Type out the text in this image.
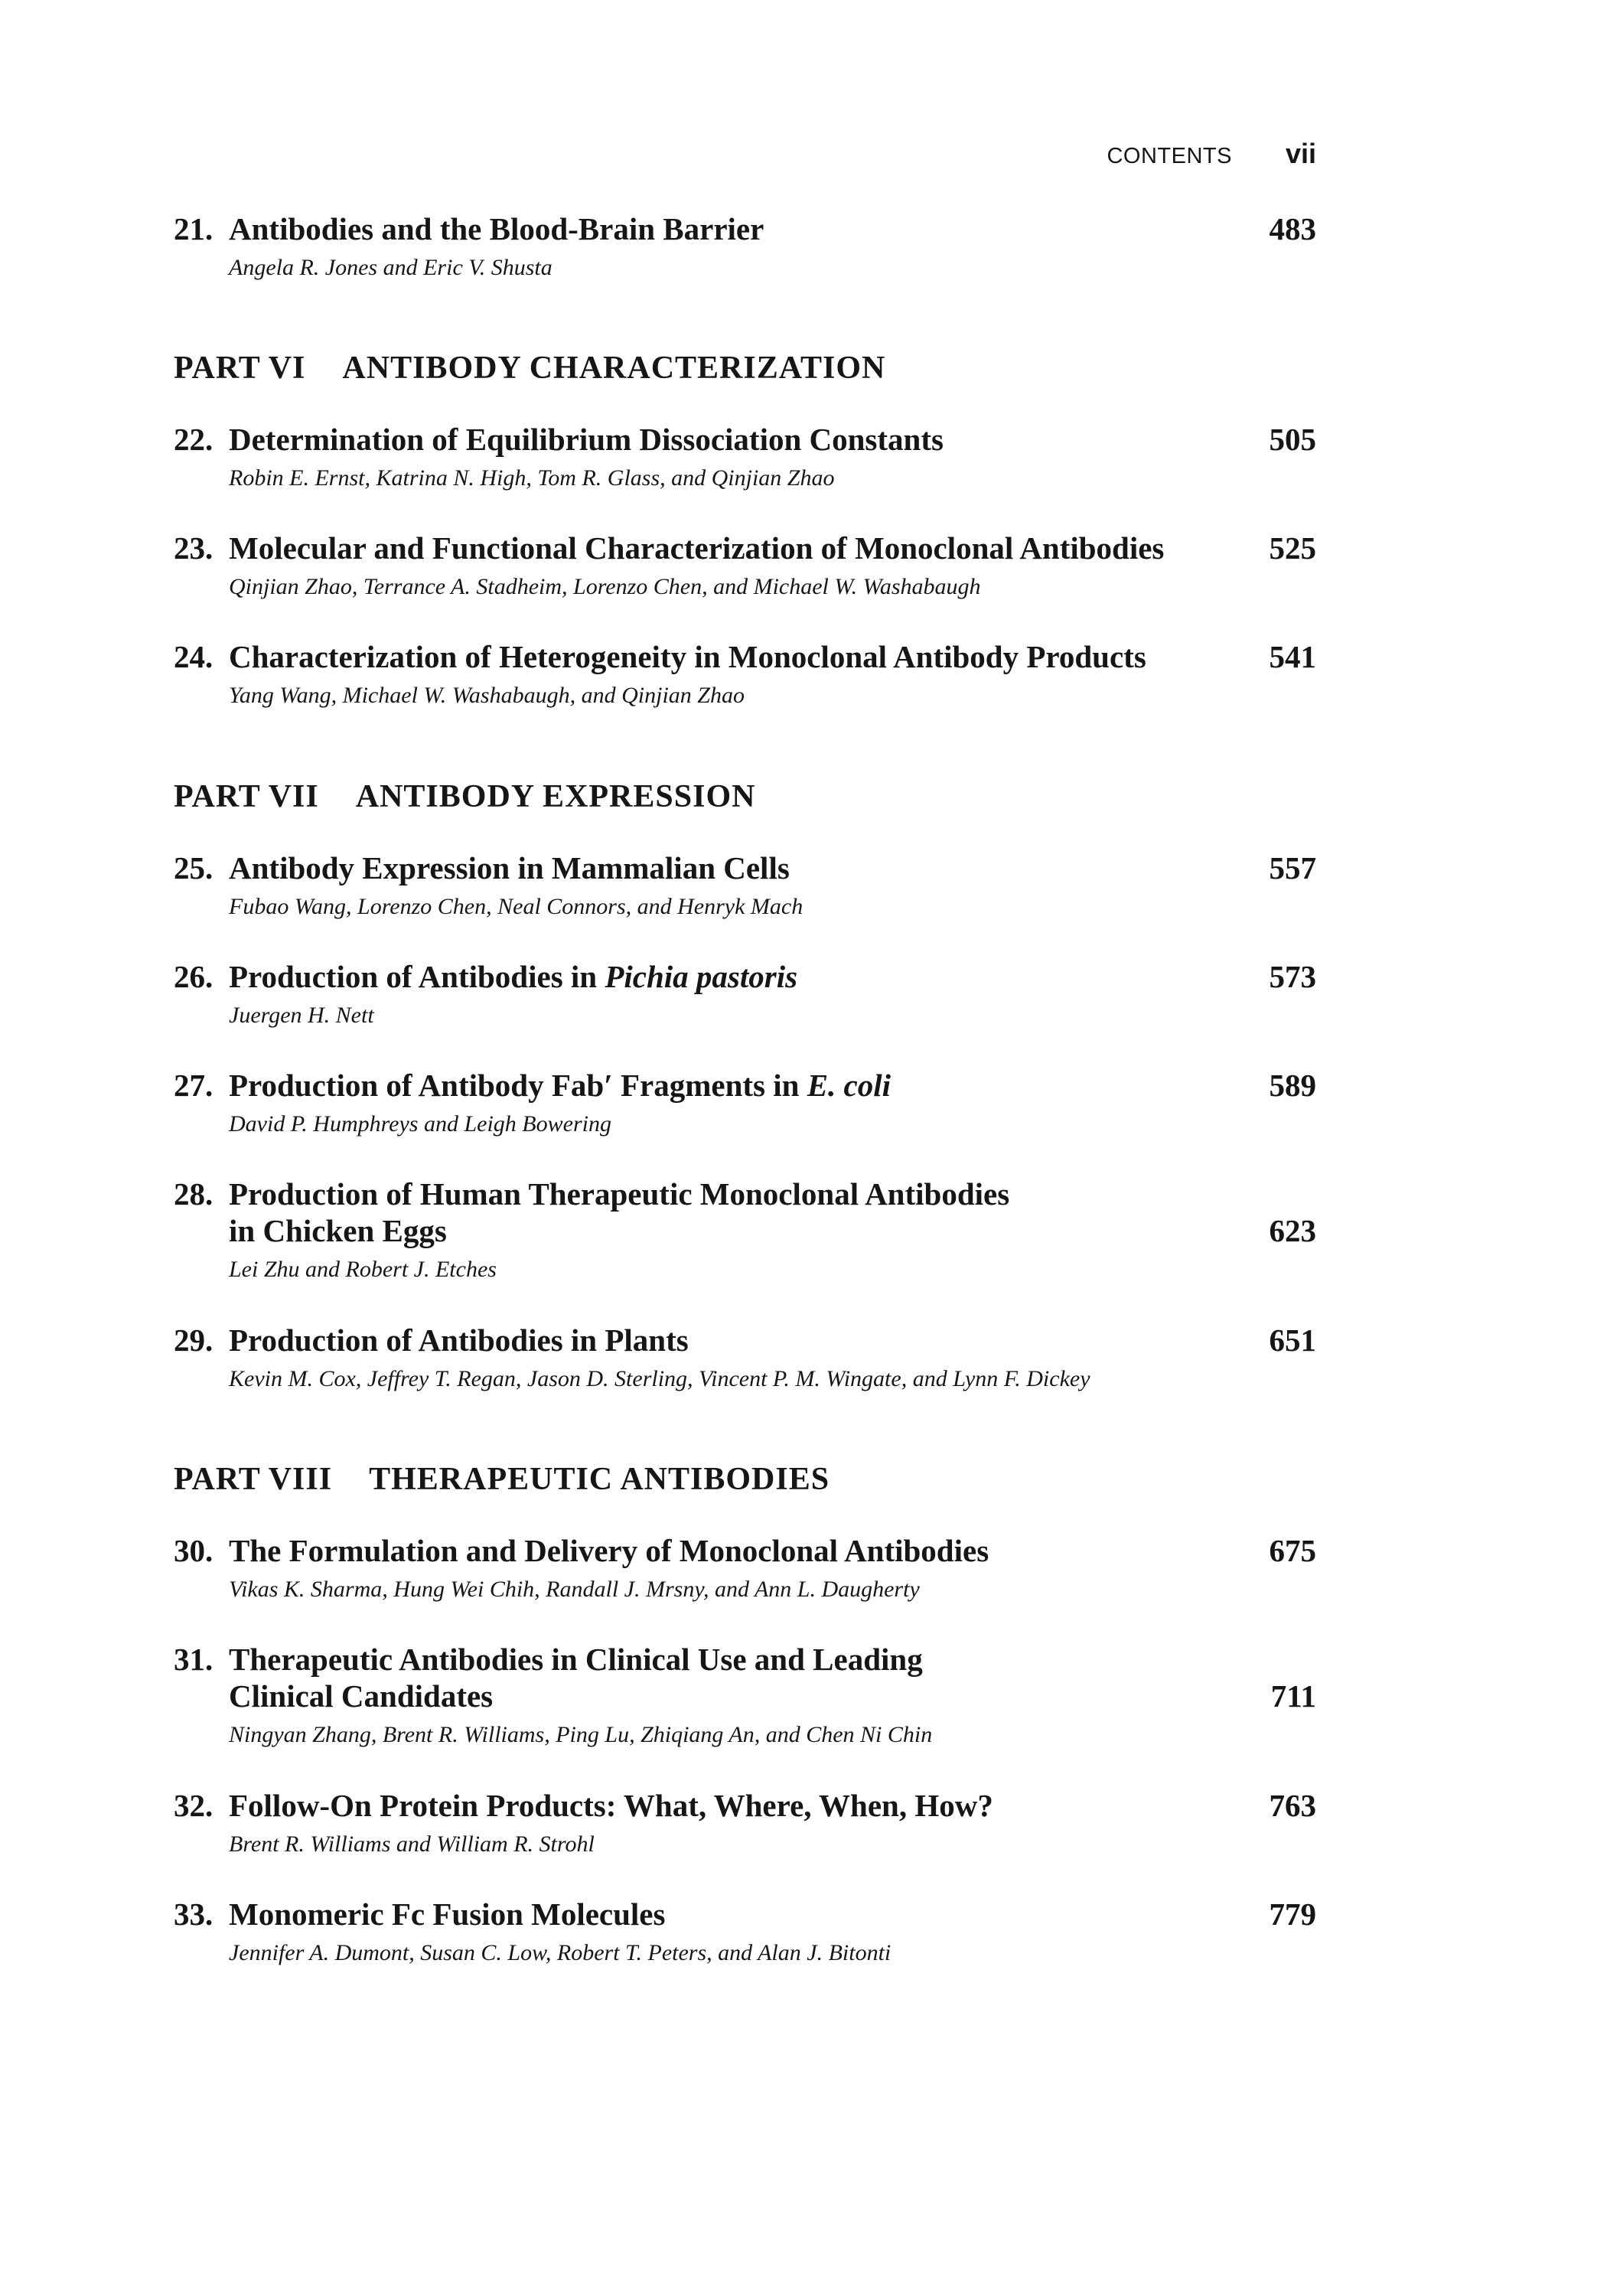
CONTENTS vii
21. Antibodies and the Blood-Brain Barrier	483
Angela R. Jones and Eric V. Shusta
PART VI ANTIBODY CHARACTERIZATION
22. Determination of Equilibrium Dissociation Constants	505
Robin E. Ernst, Katrina N. High, Tom R. Glass, and Qinjian Zhao
23. Molecular and Functional Characterization of Monoclonal Antibodies	525
Qinjian Zhao, Terrance A. Stadheim, Lorenzo Chen, and Michael W. Washabaugh
24. Characterization of Heterogeneity in Monoclonal Antibody Products	541
Yang Wang, Michael W. Washabaugh, and Qinjian Zhao
PART VII ANTIBODY EXPRESSION
25. Antibody Expression in Mammalian Cells	557
Fubao Wang, Lorenzo Chen, Neal Connors, and Henryk Mach
26. Production of Antibodies in Pichia pastoris	573
Juergen H. Nett
27. Production of Antibody Fab′ Fragments in E. coli	589
David P. Humphreys and Leigh Bowering
28. Production of Human Therapeutic Monoclonal Antibodies
in Chicken Eggs	623
Lei Zhu and Robert J. Etches
29. Production of Antibodies in Plants	651
Kevin M. Cox, Jeffrey T. Regan, Jason D. Sterling, Vincent P. M. Wingate, and Lynn F. Dickey
PART VIII THERAPEUTIC ANTIBODIES
30. The Formulation and Delivery of Monoclonal Antibodies	675
Vikas K. Sharma, Hung Wei Chih, Randall J. Mrsny, and Ann L. Daugherty
31. Therapeutic Antibodies in Clinical Use and Leading
Clinical Candidates	711
Ningyan Zhang, Brent R. Williams, Ping Lu, Zhiqiang An, and Chen Ni Chin
32. Follow-On Protein Products: What, Where, When, How?	763
Brent R. Williams and William R. Strohl
33. Monomeric Fc Fusion Molecules	779
Jennifer A. Dumont, Susan C. Low, Robert T. Peters, and Alan J. Bitonti
